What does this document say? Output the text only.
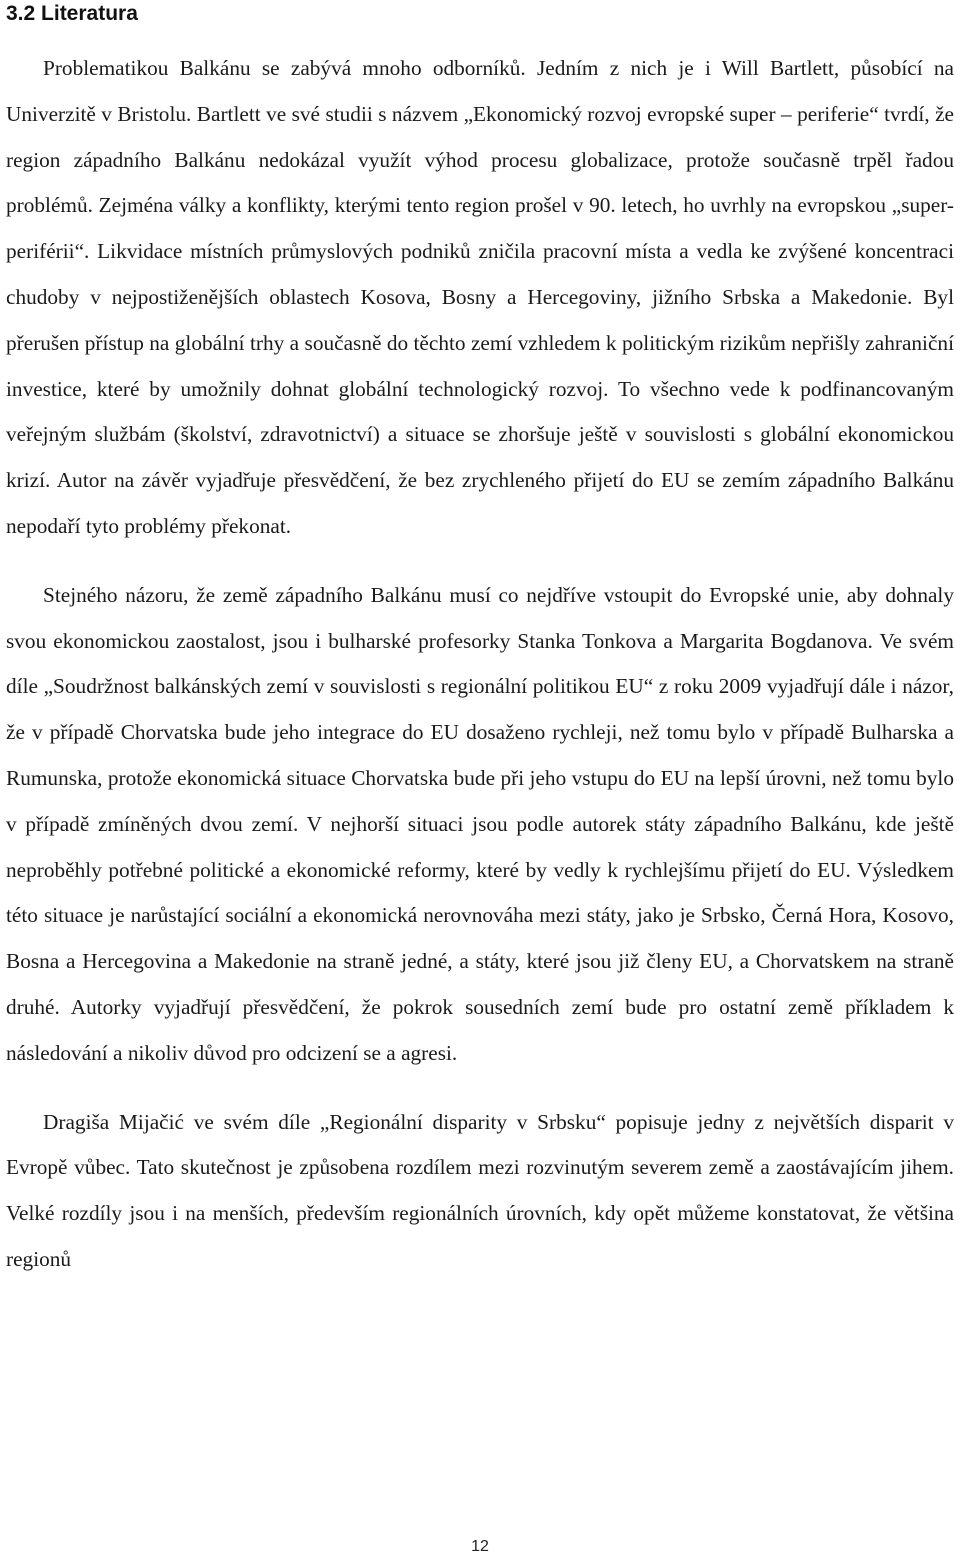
3.2 Literatura

Problematikou Balkánu se zabývá mnoho odborníků. Jedním z nich je i Will Bartlett, působící na Univerzitě v Bristolu. Bartlett ve své studii s názvem „Ekonomický rozvoj evropské super – periferie“ tvrdí, že region západního Balkánu nedokázal využít výhod procesu globalizace, protože současně trpěl řadou problémů. Zejména války a konflikty, kterými tento region prošel v 90. letech, ho uvrhly na evropskou „super-periférii“. Likvidace místních průmyslových podniků zničila pracovní místa a vedla ke zvýšené koncentraci chudoby v nejpostiženějších oblastech Kosova, Bosny a Hercegoviny, jižního Srbska a Makedonie. Byl přerušen přístup na globální trhy a současně do těchto zemí vzhledem k politickým rizikům nepřišly zahraniční investice, které by umožnily dohnat globální technologický rozvoj. To všechno vede k podfinancovaným veřejným službám (školství, zdravotnictví) a situace se zhoršuje ještě v souvislosti s globální ekonomickou krizí. Autor na závěr vyjadřuje přesvědčení, že bez zrychleného přijetí do EU se zemím západního Balkánu nepodaří tyto problémy překonat.

Stejného názoru, že země západního Balkánu musí co nejdříve vstoupit do Evropské unie, aby dohnaly svou ekonomickou zaostalost, jsou i bulharské profesorky Stanka Tonkova a Margarita Bogdanova. Ve svém díle „Soudržnost balkánských zemí v souvislosti s regionální politikou EU“ z roku 2009 vyjadřují dále i názor, že v případě Chorvatska bude jeho integrace do EU dosaženo rychleji, než tomu bylo v případě Bulharska a Rumunska, protože ekonomická situace Chorvatska bude při jeho vstupu do EU na lepší úrovni, než tomu bylo v případě zmíněných dvou zemí. V nejhorší situaci jsou podle autorek státy západního Balkánu, kde ještě neproběhly potřebné politické a ekonomické reformy, které by vedly k rychlejšímu přijetí do EU. Výsledkem této situace je narůstající sociální a ekonomická nerovnováha mezi státy, jako je Srbsko, Černá Hora, Kosovo, Bosna a Hercegovina a Makedonie na straně jedné, a státy, které jsou již členy EU, a Chorvatskem na straně druhé. Autorky vyjadřují přesvědčení, že pokrok sousedních zemí bude pro ostatní země příkladem k následování a nikoliv důvod pro odcizení se a agresi.

Dragiša Mijačić ve svém díle „Regionální disparity v Srbsku“ popisuje jedny z největších disparit v Evropě vůbec. Tato skutečnost je způsobena rozdílem mezi rozvinutým severem země a zaostávajícím jihem. Velké rozdíly jsou i na menších, především regionálních úrovních, kdy opět můžeme konstatovat, že většina regionů

12
